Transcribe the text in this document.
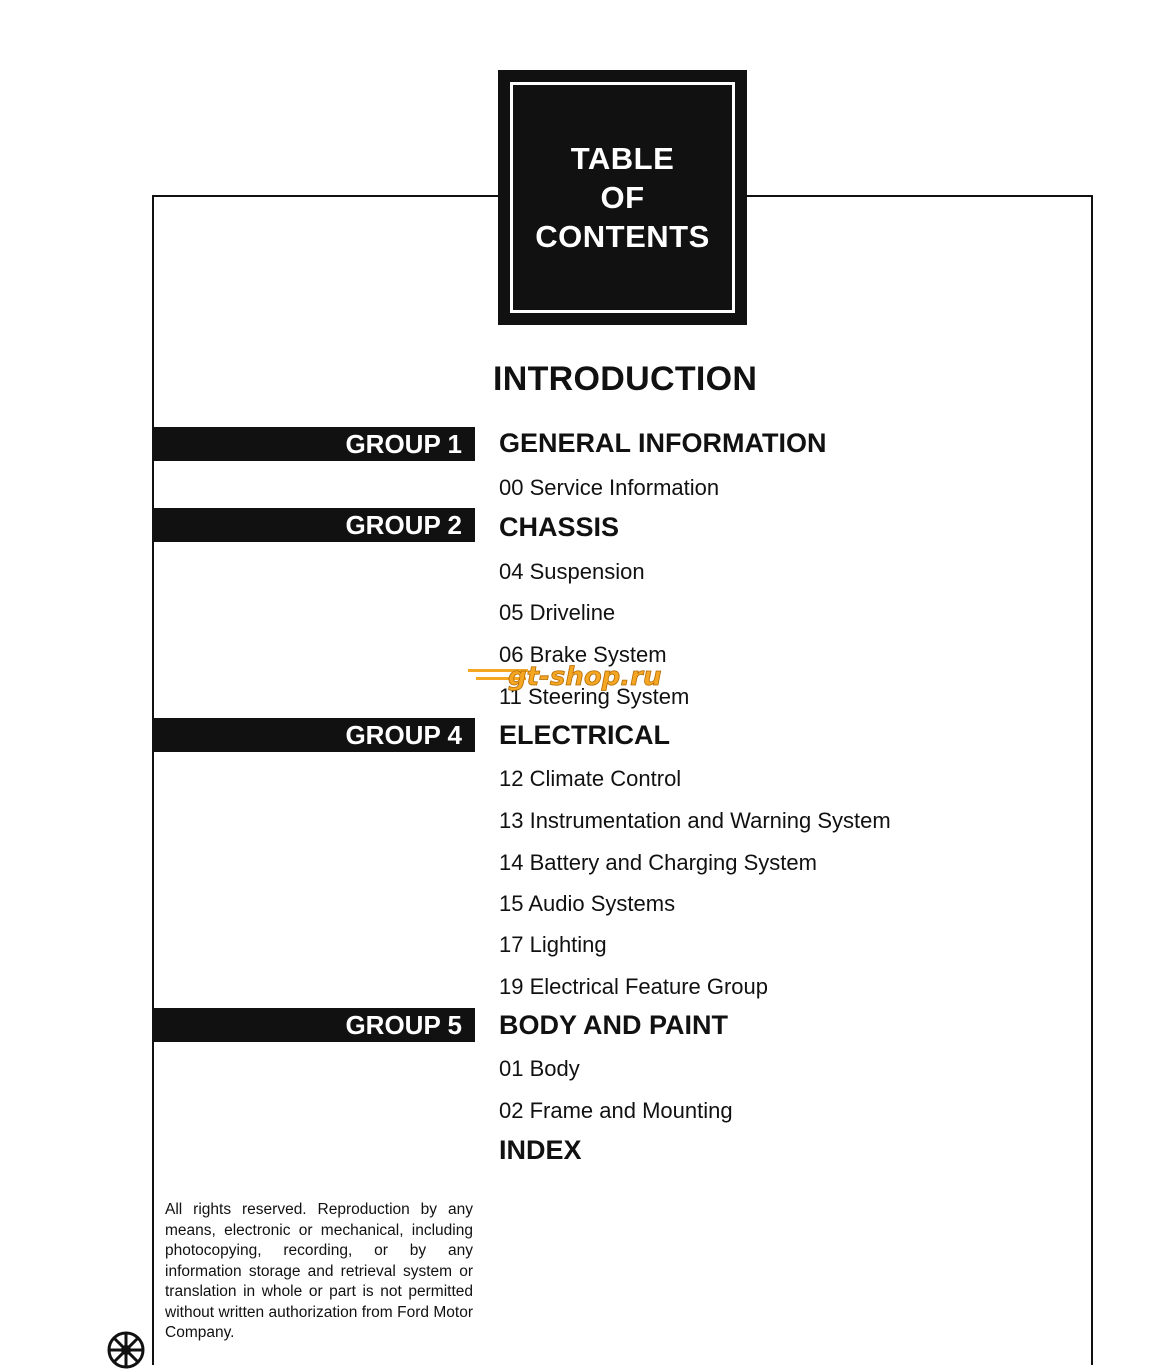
TABLE
OF
CONTENTS
INTRODUCTION
GROUP 1	GENERAL INFORMATION
00 Service Information
GROUP 2	CHASSIS
04 Suspension
05 Driveline
06 Brake System
11 Steering System
GROUP 4	ELECTRICAL
12 Climate Control
13 Instrumentation and Warning System
14 Battery and Charging System
15 Audio Systems
17 Lighting
19 Electrical Feature Group
GROUP 5	BODY AND PAINT
01 Body
02 Frame and Mounting
INDEX
All rights reserved. Reproduction by any means, electronic or mechanical, including photocopying, recording, or by any information storage and retrieval system or translation in whole or part is not permitted without written authorization from Ford Motor Company.
gt-shop.ru
